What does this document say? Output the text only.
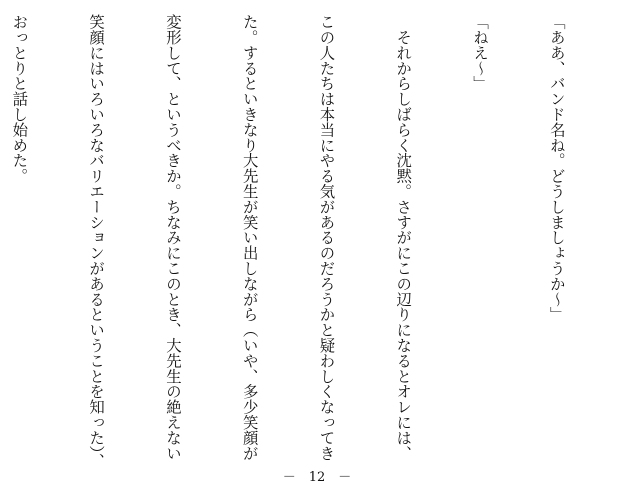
「ああ、バンド名ね。どうしましょうか〜」

「ねえ〜」

　それからしばらく沈黙。さすがにこの辺りになるとオレには、

この人たちは本当にやる気があるのだろうかと疑わしくなってき

た。するといきなり大先生が笑い出しながら（いや、多少笑顔が

変形して、というべきか。ちなみにこのとき、大先生の絶えない

笑顔にはいろいろなバリエーションがあるということを知った）、

おっとりと話し始めた。

－　12　－
